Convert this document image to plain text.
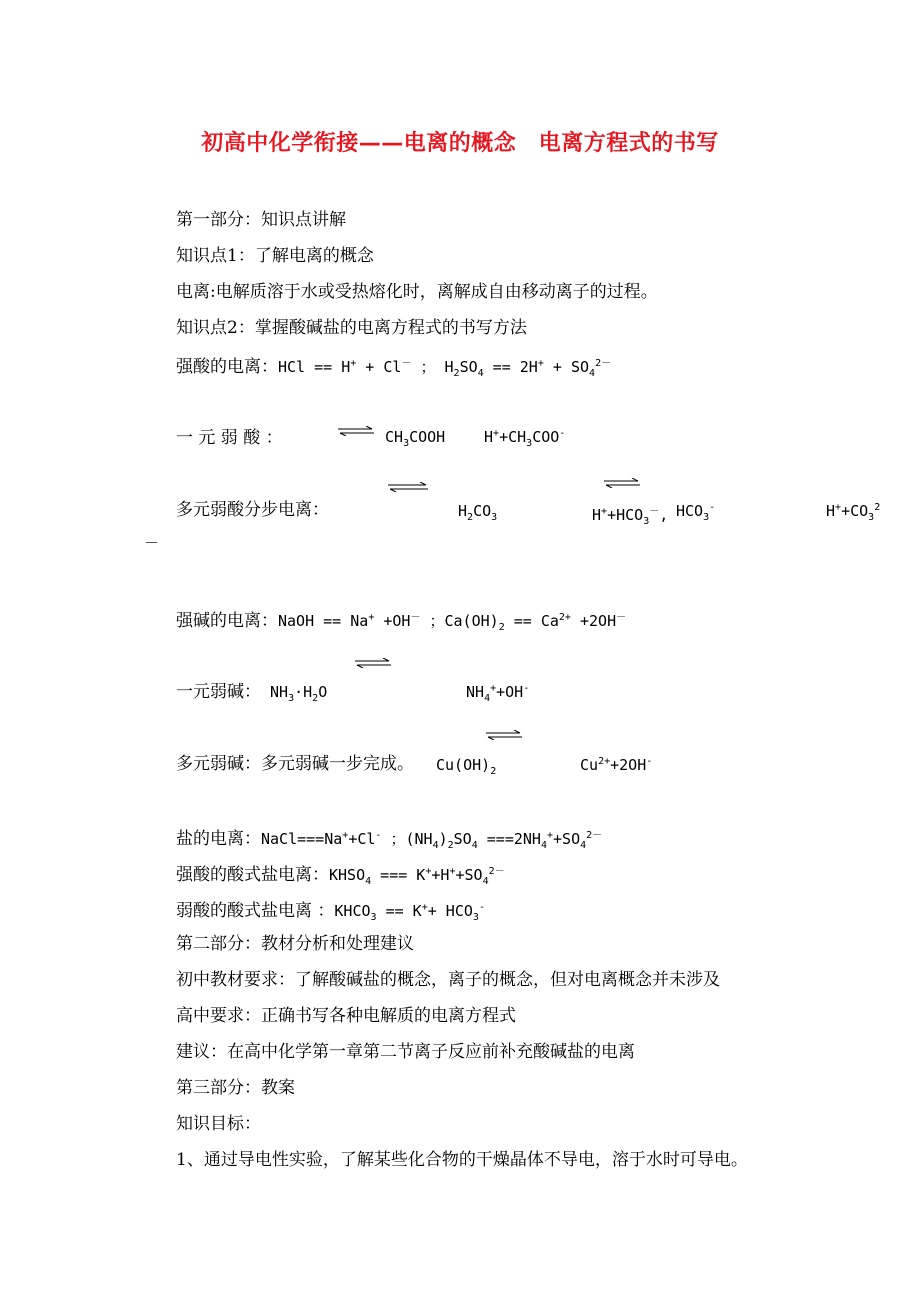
初高中化学衔接——电离的概念　电离方程式的书写
第一部分：知识点讲解
知识点1：了解电离的概念
电离:电解质溶于水或受热熔化时，离解成自由移动离子的过程。
知识点2：掌握酸碱盐的电离方程式的书写方法
强酸的电离：HCl == H+ + Cl－ ； $H_2SO_4 == 2H^+ + SO_4^{2-}$
一 元 弱 酸 ：	⇌ $CH_3COOH$	$H^++CH_3COO^-$
多元弱酸分步电离：	$H_2CO_3$	$H^++HCO_3^-$, $HCO_3^-$	$H^++CO_3^2$
－
强碱的电离：NaOH == Na+ +OH－ ；$Ca(OH)_2 == Ca^{2+} +2OH^-$
一元弱碱： $NH_3\cdot H_2O$	$NH_4^++OH^-$
多元弱碱：多元弱碱一步完成。 $Cu(OH)_2$	$Cu^{2+}+2OH^-$
盐的电离：NaCl===Na++Cl- ；$(NH_4)_2SO_4 ===2NH_4^++SO_4^{2-}$
强酸的酸式盐电离：$KHSO_4$ === $K^++H^++SO_4^{2-}$
弱酸的酸式盐电离 ：$KHCO_3 == K^++ HCO_3^-$
第二部分：教材分析和处理建议
初中教材要求：了解酸碱盐的概念，离子的概念，但对电离概念并未涉及
高中要求：正确书写各种电解质的电离方程式
建议：在高中化学第一章第二节离子反应前补充酸碱盐的电离
第三部分：教案
知识目标：
1、通过导电性实验，了解某些化合物的干燥晶体不导电，溶于水时可导电。
